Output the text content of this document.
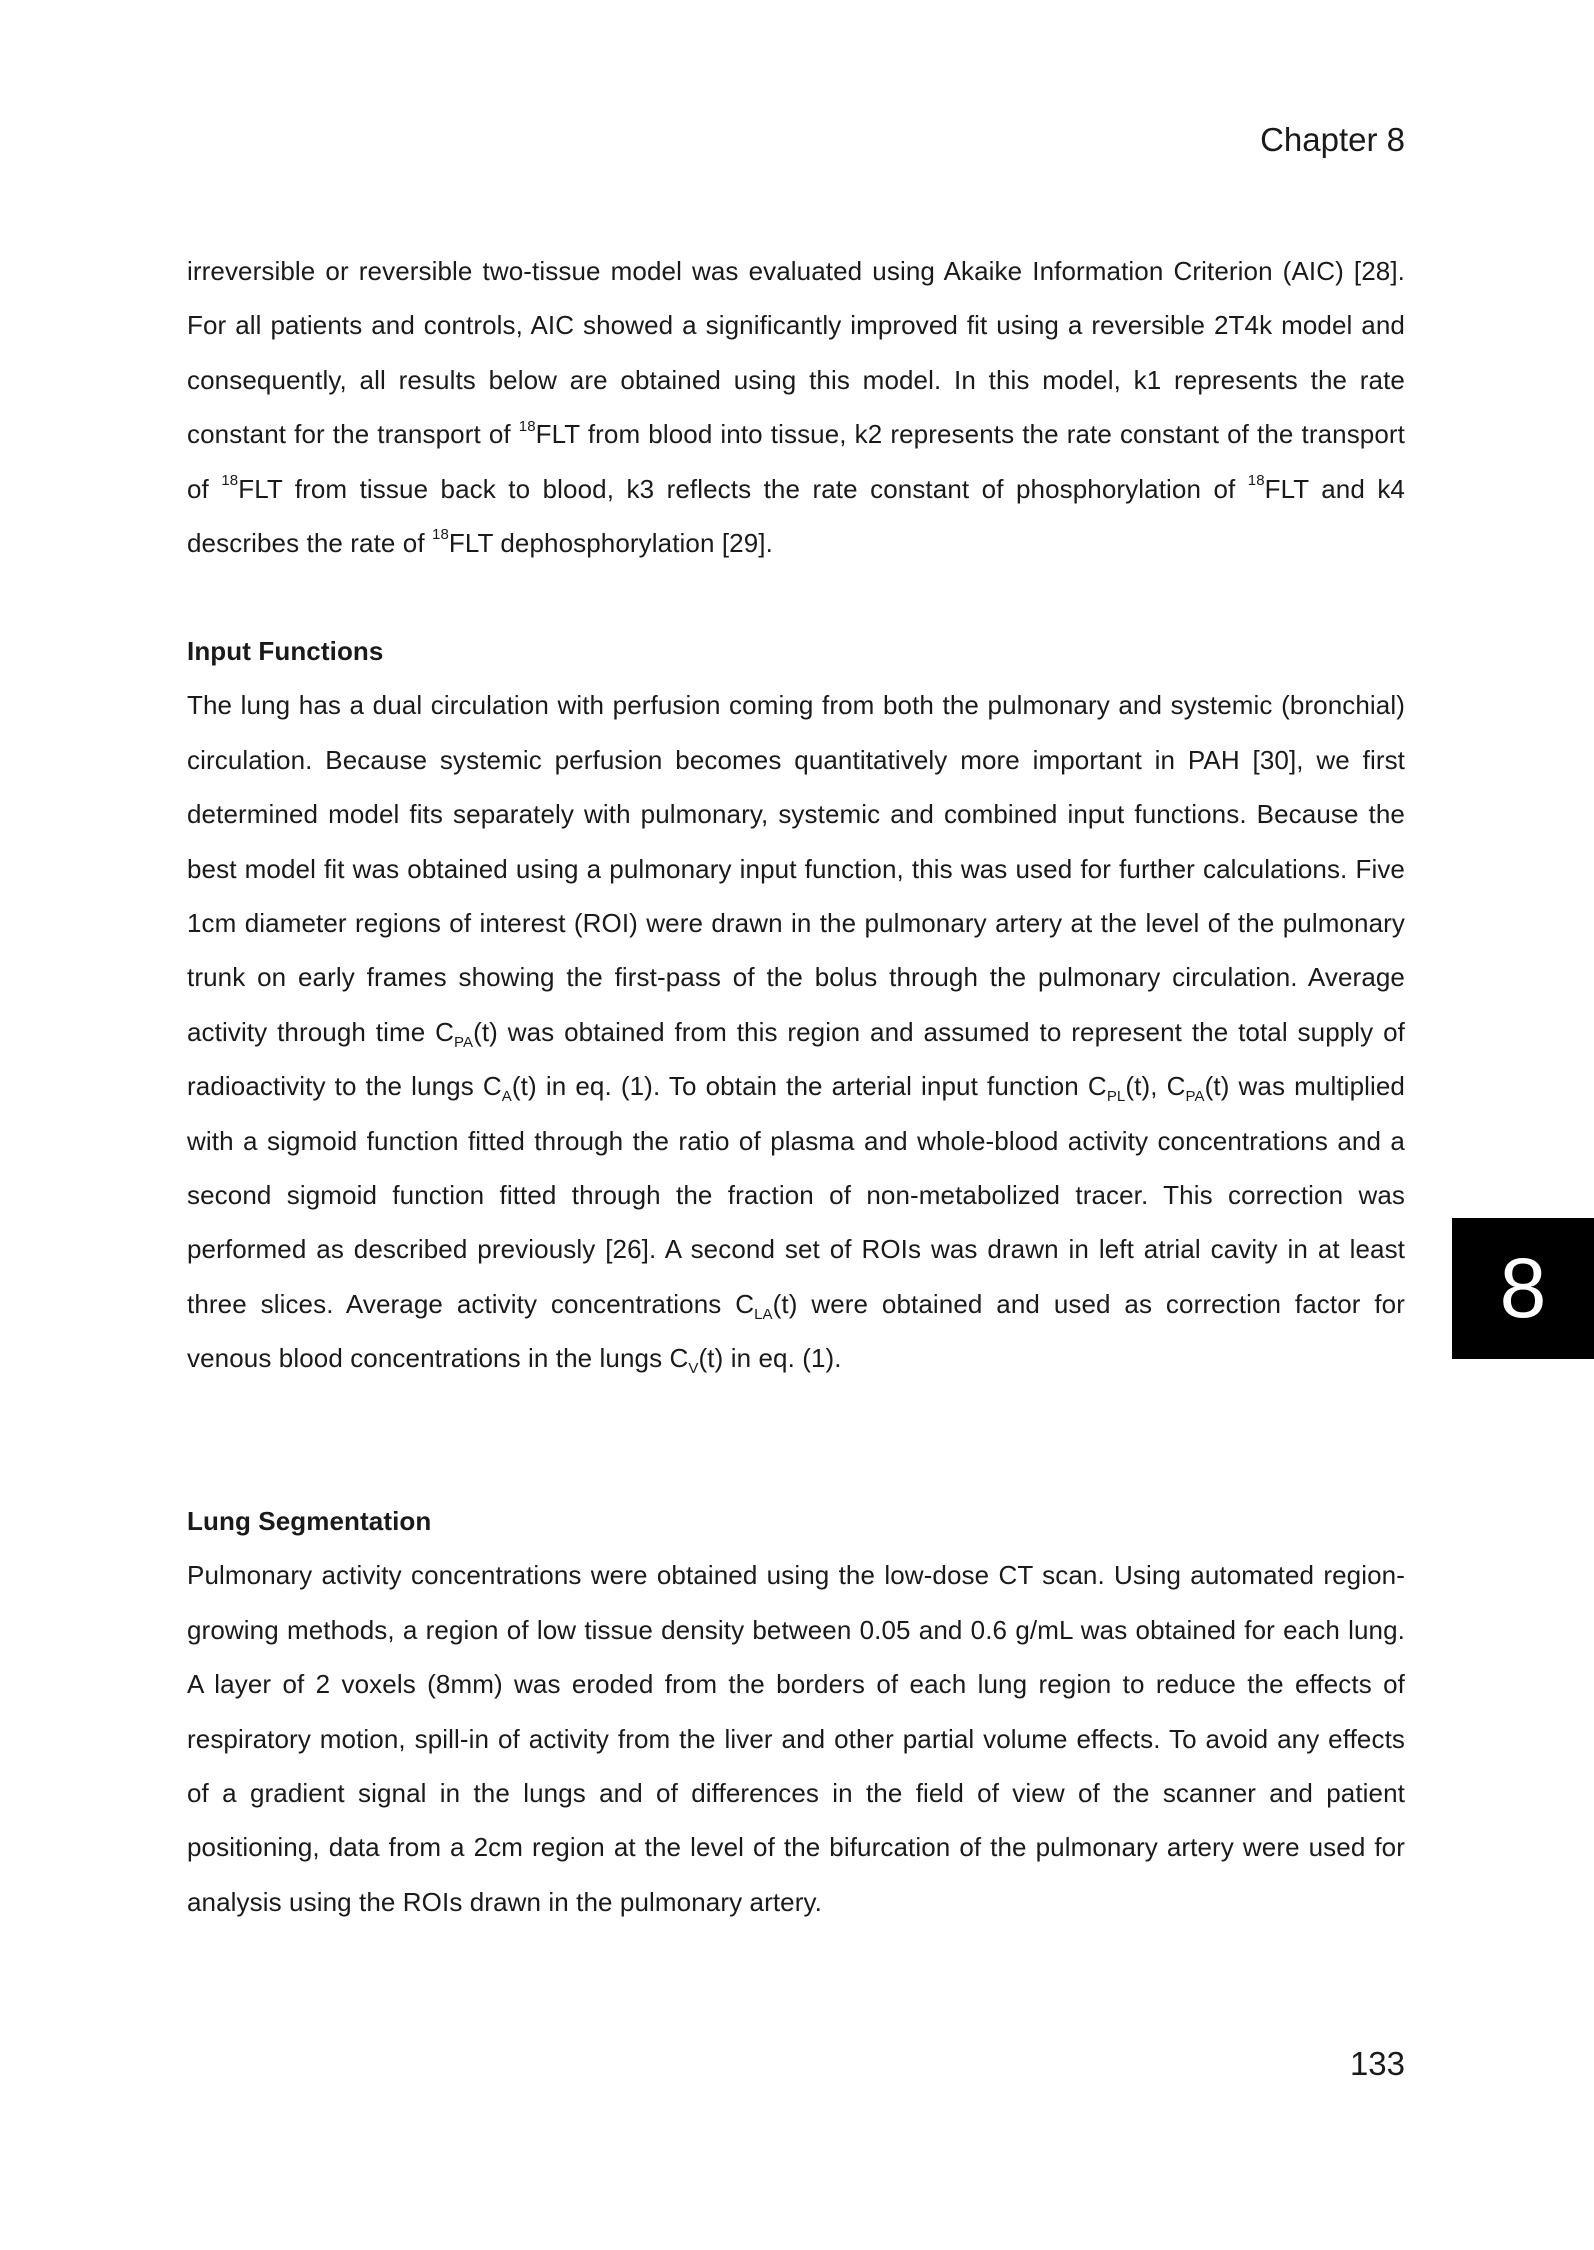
Chapter 8

irreversible or reversible two-tissue model was evaluated using Akaike Information Criterion (AIC) [28]. For all patients and controls, AIC showed a significantly improved fit using a reversible 2T4k model and consequently, all results below are obtained using this model. In this model, k1 represents the rate constant for the transport of $^{18}$FLT from blood into tissue, k2 represents the rate constant of the transport of $^{18}$FLT from tissue back to blood, k3 reflects the rate constant of phosphorylation of $^{18}$FLT and k4 describes the rate of $^{18}$FLT dephosphorylation [29].

Input Functions

The lung has a dual circulation with perfusion coming from both the pulmonary and systemic (bronchial) circulation. Because systemic perfusion becomes quantitatively more important in PAH [30], we first determined model fits separately with pulmonary, systemic and combined input functions. Because the best model fit was obtained using a pulmonary input function, this was used for further calculations. Five 1cm diameter regions of interest (ROI) were drawn in the pulmonary artery at the level of the pulmonary trunk on early frames showing the first-pass of the bolus through the pulmonary circulation. Average activity through time $C_{PA}(t)$ was obtained from this region and assumed to represent the total supply of radioactivity to the lungs $C_A(t)$ in eq. (1). To obtain the arterial input function $C_{PL}(t)$, $C_{PA}(t)$ was multiplied with a sigmoid function fitted through the ratio of plasma and whole-blood activity concentrations and a second sigmoid function fitted through the fraction of non-metabolized tracer. This correction was performed as described previously [26]. A second set of ROIs was drawn in left atrial cavity in at least three slices. Average activity concentrations $C_{LA}(t)$ were obtained and used as correction factor for venous blood concentrations in the lungs $C_V(t)$ in eq. (1).

Lung Segmentation

Pulmonary activity concentrations were obtained using the low-dose CT scan. Using automated region-growing methods, a region of low tissue density between 0.05 and 0.6 g/mL was obtained for each lung. A layer of 2 voxels (8mm) was eroded from the borders of each lung region to reduce the effects of respiratory motion, spill-in of activity from the liver and other partial volume effects. To avoid any effects of a gradient signal in the lungs and of differences in the field of view of the scanner and patient positioning, data from a 2cm region at the level of the bifurcation of the pulmonary artery were used for analysis using the ROIs drawn in the pulmonary artery.

8
133
